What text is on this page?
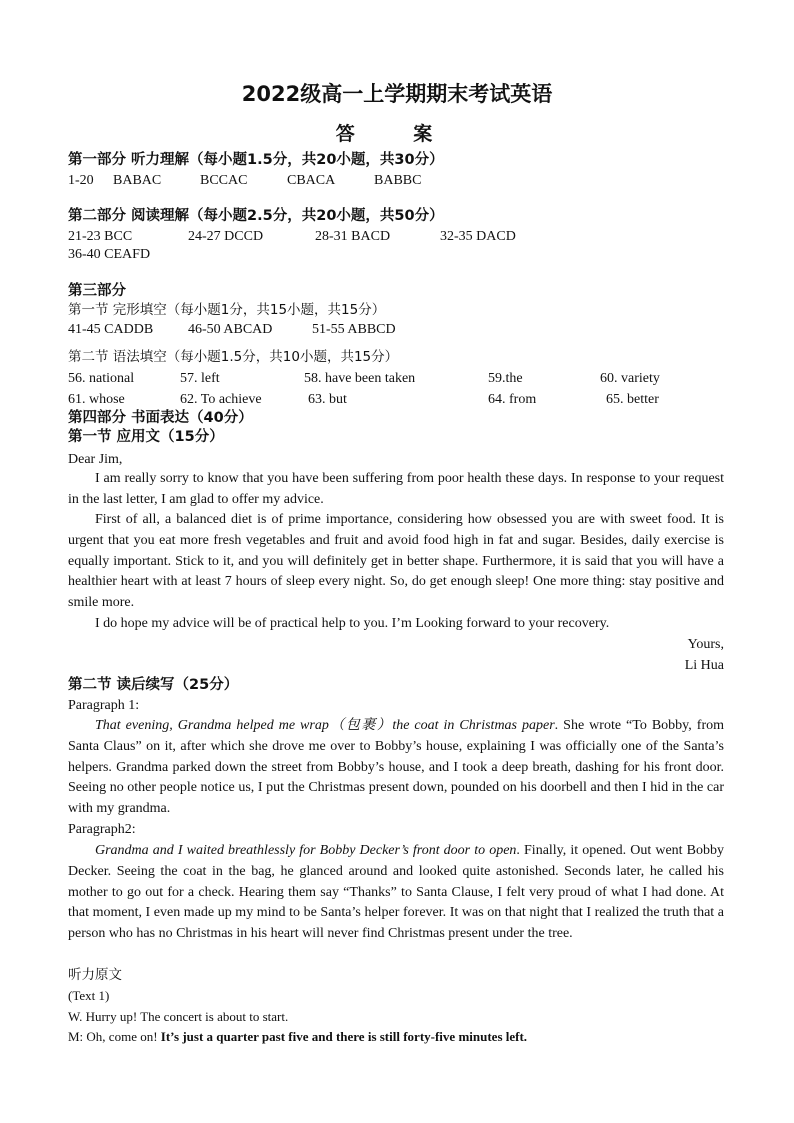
2022级高一上学期期末考试英语
答 案
第一部分 听力理解（每小题1.5分，共20小题，共30分）
1-20 BABAC	BCCAC	CBACA	BABBC
第二部分 阅读理解（每小题2.5分，共20小题，共50分）
21-23 BCC	24-27 DCCD	28-31 BACD	32-35 DACD
36-40 CEAFD
第三部分
第一节 完形填空（每小题1分，共15小题，共15分）
41-45 CADDB 46-50 ABCAD	51-55 ABBCD
第二节 语法填空（每小题1.5分，共10小题，共15分）
56. national	57. left	58. have been taken	59.the	60. variety
61. whose	62. To achieve	63. but	64. from	65. better
第四部分 书面表达（40分）
第一节 应用文（15分）
Dear Jim,

I am really sorry to know that you have been suffering from poor health these days. In response to your request in the last letter, I am glad to offer my advice.

First of all, a balanced diet is of prime importance, considering how obsessed you are with sweet food. It is urgent that you eat more fresh vegetables and fruit and avoid food high in fat and sugar. Besides, daily exercise is equally important. Stick to it, and you will definitely get in better shape. Furthermore, it is said that you will have a healthier heart with at least 7 hours of sleep every night. So, do get enough sleep! One more thing: stay positive and smile more.

I do hope my advice will be of practical help to you. I’m Looking forward to your recovery.

Yours,
Li Hua
第二节 读后续写（25分）
Paragraph 1:

That evening, Grandma helped me wrap（包裹）the coat in Christmas paper. She wrote “To Bobby, from Santa Claus” on it, after which she drove me over to Bobby’s house, explaining I was officially one of the Santa’s helpers. Grandma parked down the street from Bobby’s house, and I took a deep breath, dashing for his front door. Seeing no other people notice us, I put the Christmas present down, pounded on his doorbell and then I hid in the car with my grandma.

Paragraph2:

Grandma and I waited breathlessly for Bobby Decker’s front door to open. Finally, it opened. Out went Bobby Decker. Seeing the coat in the bag, he glanced around and looked quite astonished. Seconds later, he called his mother to go out for a check. Hearing them say “Thanks” to Santa Clause, I felt very proud of what I had done. At that moment, I even made up my mind to be Santa’s helper forever. It was on that night that I realized the truth that a person who has no Christmas in his heart will never find Christmas present under the tree.

听力原文
(Text 1)
W. Hurry up! The concert is about to start.
M: Oh, come on! It’s just a quarter past five and there is still forty-five minutes left.
